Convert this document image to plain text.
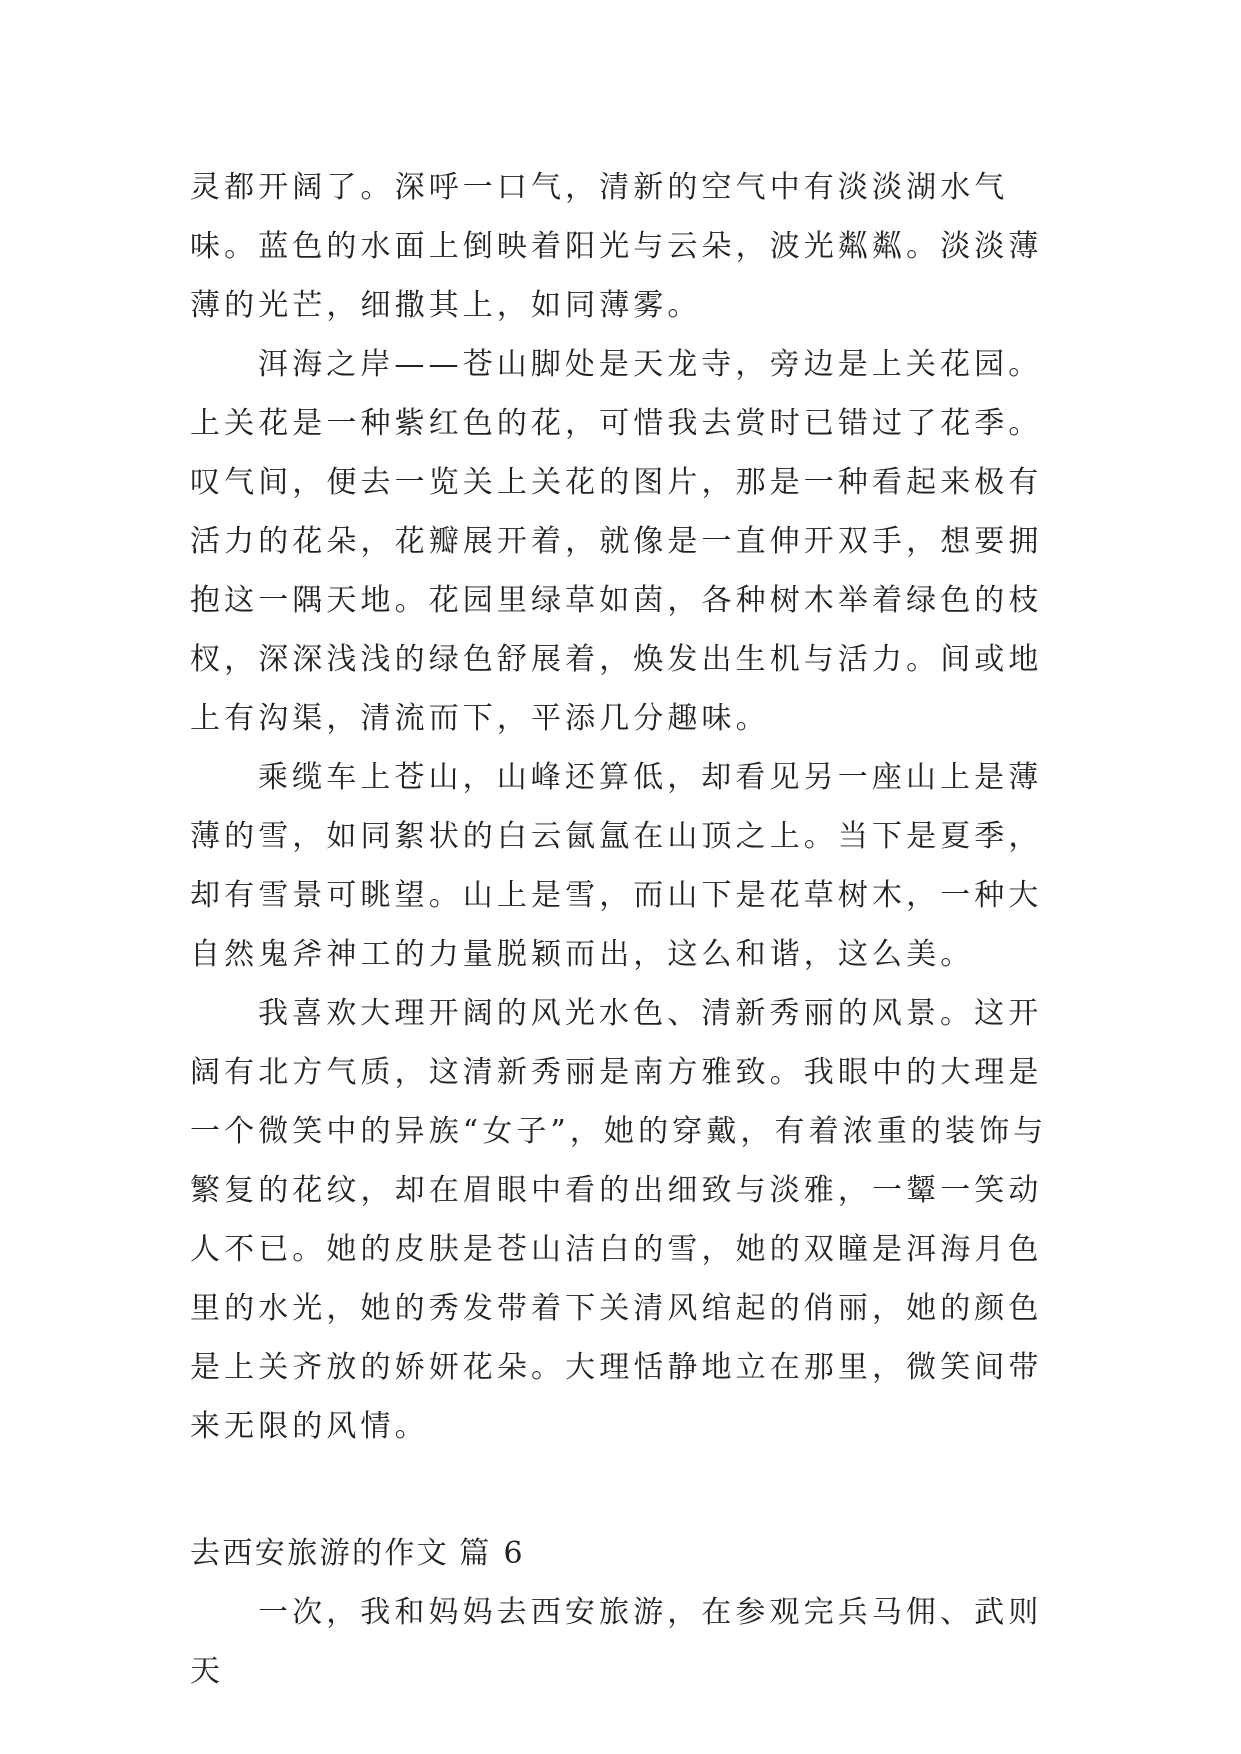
灵都开阔了。深呼一口气，清新的空气中有淡淡湖水气味。蓝色的水面上倒映着阳光与云朵，波光粼粼。淡淡薄薄的光芒，细撒其上，如同薄雾。

洱海之岸——苍山脚处是天龙寺，旁边是上关花园。上关花是一种紫红色的花，可惜我去赏时已错过了花季。叹气间，便去一览关上关花的图片，那是一种看起来极有活力的花朵，花瓣展开着，就像是一直伸开双手，想要拥抱这一隅天地。花园里绿草如茵，各种树木举着绿色的枝杈，深深浅浅的绿色舒展着，焕发出生机与活力。间或地上有沟渠，清流而下，平添几分趣味。

乘缆车上苍山，山峰还算低，却看见另一座山上是薄薄的雪，如同絮状的白云氤氲在山顶之上。当下是夏季，却有雪景可眺望。山上是雪，而山下是花草树木，一种大自然鬼斧神工的力量脱颖而出，这么和谐，这么美。

我喜欢大理开阔的风光水色、清新秀丽的风景。这开阔有北方气质，这清新秀丽是南方雅致。我眼中的大理是一个微笑中的异族“女子”，她的穿戴，有着浓重的装饰与繁复的花纹，却在眉眼中看的出细致与淡雅，一颦一笑动人不已。她的皮肤是苍山洁白的雪，她的双瞳是洱海月色里的水光，她的秀发带着下关清风绾起的俏丽，她的颜色是上关齐放的娇妍花朵。大理恬静地立在那里，微笑间带来无限的风情。

去西安旅游的作文 篇 6

一次，我和妈妈去西安旅游，在参观完兵马佣、武则天
